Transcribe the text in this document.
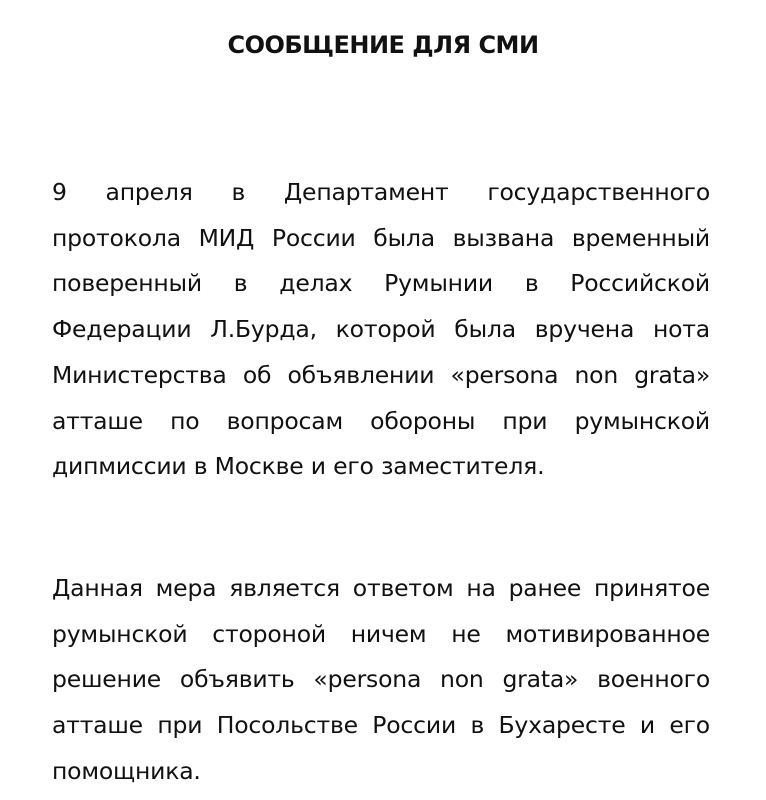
СООБЩЕНИЕ ДЛЯ СМИ

9 апреля в Департамент государственного протокола МИД России была вызвана временный поверенный в делах Румынии в Российской Федерации Л.Бурда, которой была вручена нота Министерства об объявлении «persona non grata» атташе по вопросам обороны при румынской дипмиссии в Москве и его заместителя.

Данная мера является ответом на ранее принятое румынской стороной ничем не мотивированное решение объявить «persona non grata» военного атташе при Посольстве России в Бухаресте и его помощника.
